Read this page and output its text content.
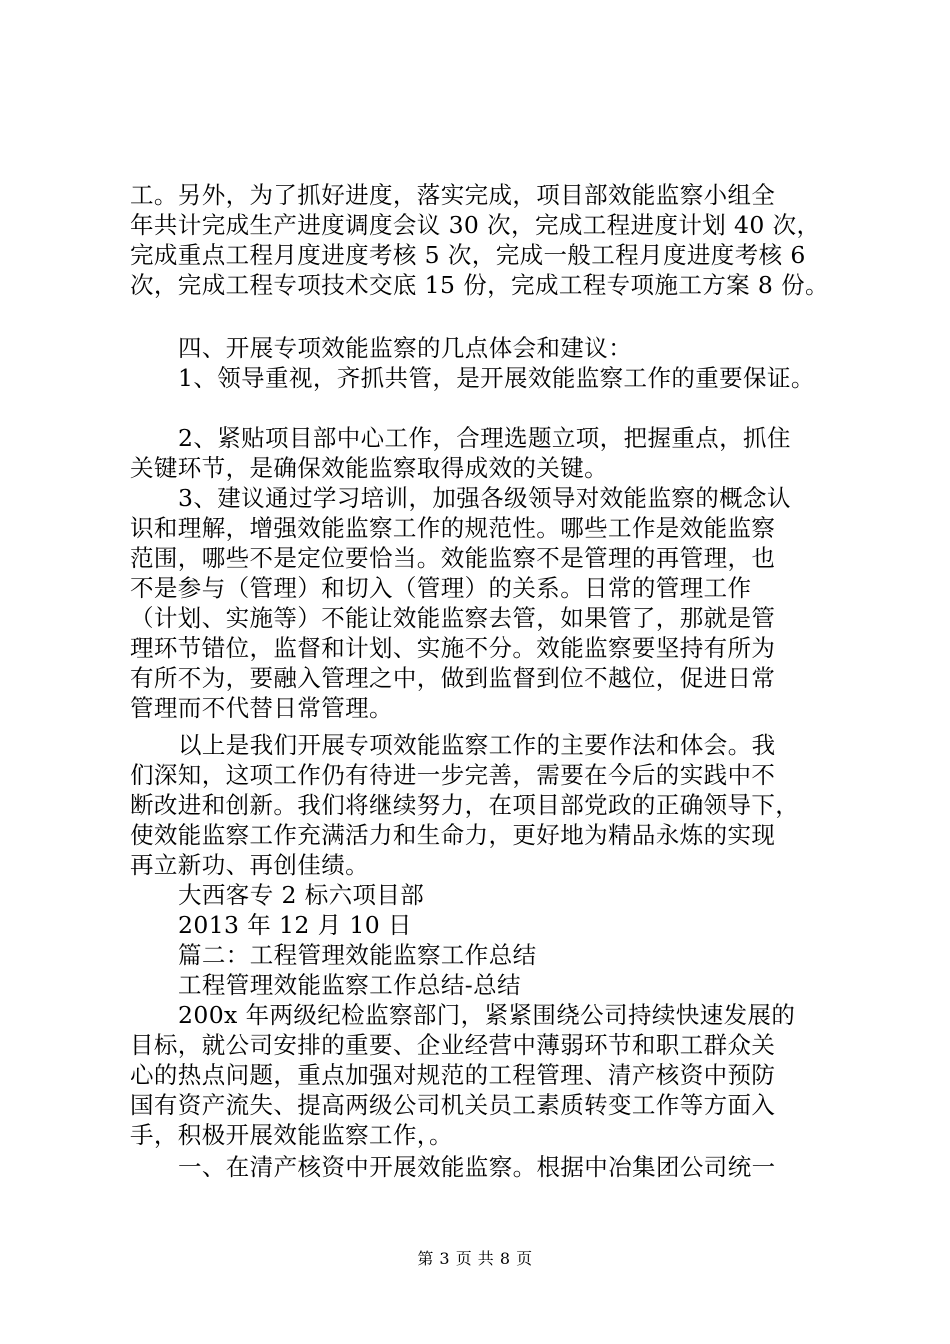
工。另外，为了抓好进度，落实完成，项目部效能监察小组全

年共计完成生产进度调度会议 30 次，完成工程进度计划 40 次，

完成重点工程月度进度考核 5 次，完成一般工程月度进度考核 6

次，完成工程专项技术交底 15 份，完成工程专项施工方案 8 份。

四、开展专项效能监察的几点体会和建议：

1、领导重视，齐抓共管，是开展效能监察工作的重要保证。

2、紧贴项目部中心工作，合理选题立项，把握重点，抓住

关键环节，是确保效能监察取得成效的关键。

3、建议通过学习培训，加强各级领导对效能监察的概念认

识和理解，增强效能监察工作的规范性。哪些工作是效能监察

范围，哪些不是定位要恰当。效能监察不是管理的再管理，也

不是参与（管理）和切入（管理）的关系。日常的管理工作

（计划、实施等）不能让效能监察去管，如果管了，那就是管

理环节错位，监督和计划、实施不分。效能监察要坚持有所为

有所不为，要融入管理之中，做到监督到位不越位，促进日常

管理而不代替日常管理。

以上是我们开展专项效能监察工作的主要作法和体会。我

们深知，这项工作仍有待进一步完善，需要在今后的实践中不

断改进和创新。我们将继续努力，在项目部党政的正确领导下，

使效能监察工作充满活力和生命力，更好地为精品永炼的实现

再立新功、再创佳绩。

大西客专 2 标六项目部

2013 年 12 月 10 日

篇二：工程管理效能监察工作总结

工程管理效能监察工作总结-总结

200x 年两级纪检监察部门，紧紧围绕公司持续快速发展的

目标，就公司安排的重要、企业经营中薄弱环节和职工群众关

心的热点问题，重点加强对规范的工程管理、清产核资中预防

国有资产流失、提高两级公司机关员工素质转变工作等方面入

手，积极开展效能监察工作，。

一、在清产核资中开展效能监察。根据中冶集团公司统一

第 3 页 共 8 页
